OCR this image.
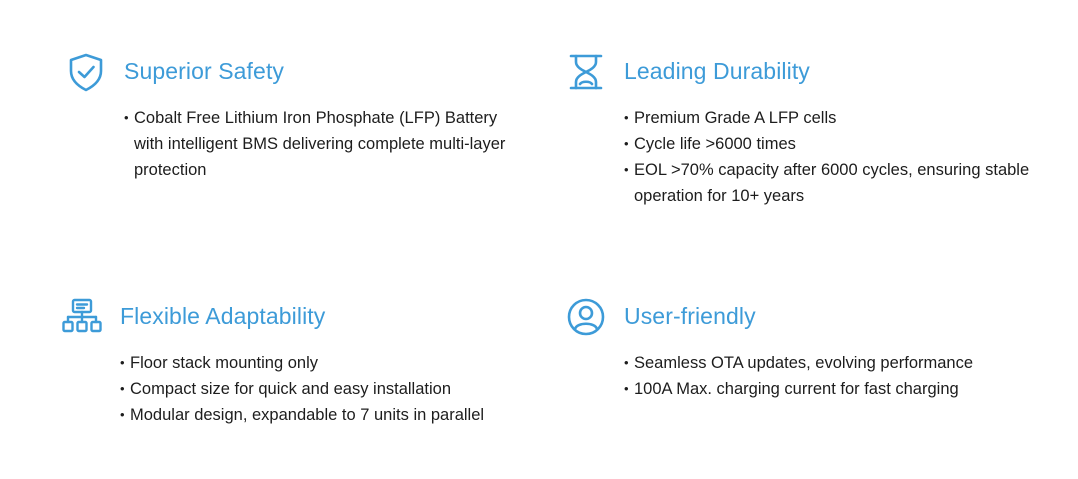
Superior Safety
• Cobalt Free Lithium Iron Phosphate (LFP) Battery with intelligent BMS delivering complete multi-layer protection
Leading Durability
• Premium Grade A LFP cells
• Cycle life >6000 times
• EOL >70% capacity after 6000 cycles, ensuring stable operation for 10+ years
Flexible Adaptability
• Floor stack mounting only
• Compact size for quick and easy installation
• Modular design, expandable to 7 units in parallel
User-friendly
• Seamless OTA updates, evolving performance
• 100A Max. charging current for fast charging
